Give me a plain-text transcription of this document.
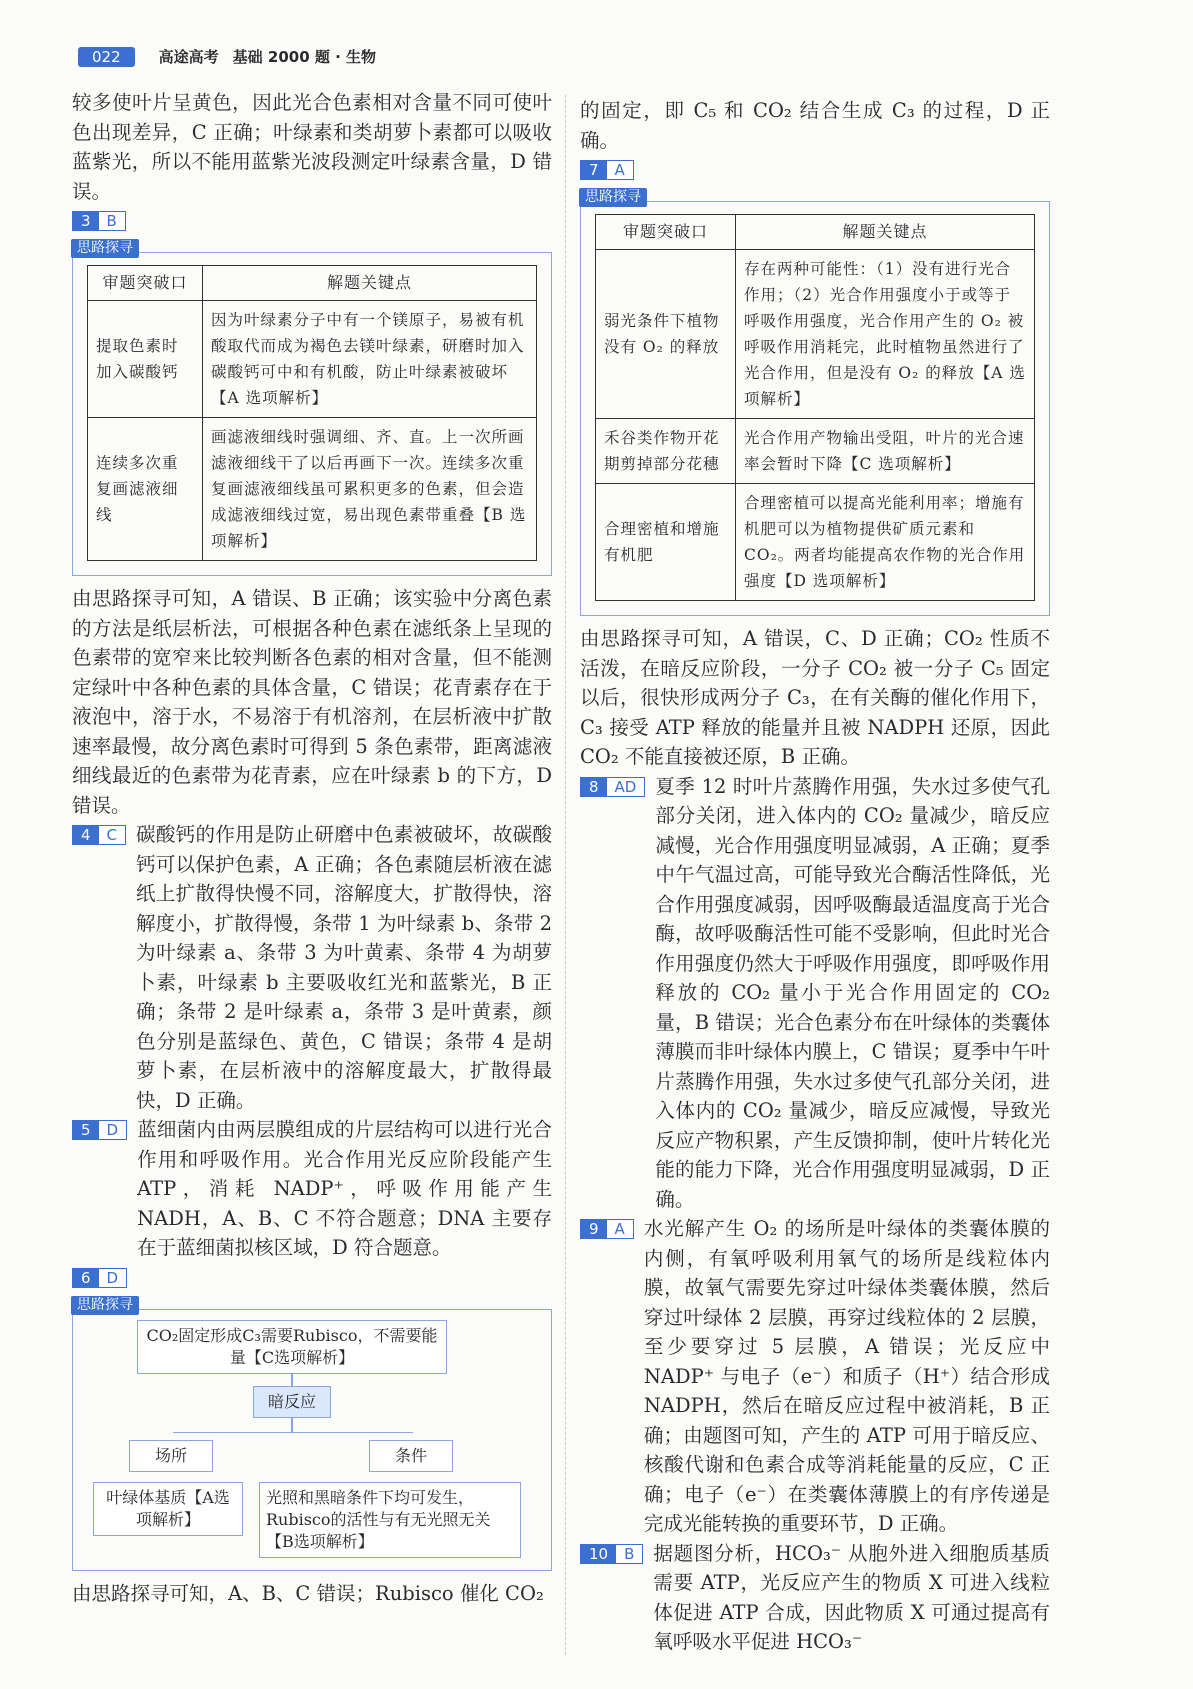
022	高途高考 基础 2000 题 · 生物
较多使叶片呈黄色，因此光合色素相对含量不同可使叶色出现差异，C 正确；叶绿素和类胡萝卜素都可以吸收蓝紫光，所以不能用蓝紫光波段测定叶绿素含量，D 错误。
3	B
思路探寻
审题突破口	解题关键点
提取色素时加入碳酸钙	因为叶绿素分子中有一个镁原子，易被有机酸取代而成为褐色去镁叶绿素，研磨时加入碳酸钙可中和有机酸，防止叶绿素被破坏【A 选项解析】
连续多次重复画滤液细线	画滤液细线时强调细、齐、直。上一次所画滤液细线干了以后再画下一次。连续多次重复画滤液细线虽可累积更多的色素，但会造成滤液细线过宽，易出现色素带重叠【B 选项解析】
由思路探寻可知，A 错误、B 正确；该实验中分离色素的方法是纸层析法，可根据各种色素在滤纸条上呈现的色素带的宽窄来比较判断各色素的相对含量，但不能测定绿叶中各种色素的具体含量，C 错误；花青素存在于液泡中，溶于水，不易溶于有机溶剂，在层析液中扩散速率最慢，故分离色素时可得到 5 条色素带，距离滤液细线最近的色素带为花青素，应在叶绿素 b 的下方，D 错误。
4	C 碳酸钙的作用是防止研磨中色素被破坏，故碳酸钙可以保护色素，A 正确；各色素随层析液在滤纸上扩散得快慢不同，溶解度大，扩散得快，溶解度小，扩散得慢，条带 1 为叶绿素 b、条带 2 为叶绿素 a、条带 3 为叶黄素、条带 4 为胡萝卜素，叶绿素 b 主要吸收红光和蓝紫光，B 正确；条带 2 是叶绿素 a，条带 3 是叶黄素，颜色分别是蓝绿色、黄色，C 错误；条带 4 是胡萝卜素，在层析液中的溶解度最大，扩散得最快，D 正确。
5	D 蓝细菌内由两层膜组成的片层结构可以进行光合作用和呼吸作用。光合作用光反应阶段能产生 ATP，消耗 NADP⁺，呼吸作用能产生 NADH，A、B、C 不符合题意；DNA 主要存在于蓝细菌拟核区域，D 符合题意。
6	D
思路探寻
CO₂固定形成C₃需要Rubisco，不需要能量【C选项解析】
暗反应
场所	条件
叶绿体基质【A选项解析】
光照和黑暗条件下均可发生，Rubisco的活性与有无光照无关【B选项解析】
由思路探寻可知，A、B、C 错误；Rubisco 催化 CO₂
的固定，即 C₅ 和 CO₂ 结合生成 C₃ 的过程，D 正确。
7	A
思路探寻
审题突破口	解题关键点
弱光条件下植物没有 O₂ 的释放	存在两种可能性：（1）没有进行光合作用；（2）光合作用强度小于或等于呼吸作用强度，光合作用产生的 O₂ 被呼吸作用消耗完，此时植物虽然进行了光合作用，但是没有 O₂ 的释放【A 选项解析】
禾谷类作物开花期剪掉部分花穗	光合作用产物输出受阻，叶片的光合速率会暂时下降【C 选项解析】
合理密植和增施有机肥	合理密植可以提高光能利用率；增施有机肥可以为植物提供矿质元素和 CO₂。两者均能提高农作物的光合作用强度【D 选项解析】
由思路探寻可知，A 错误，C、D 正确；CO₂ 性质不活泼，在暗反应阶段，一分子 CO₂ 被一分子 C₅ 固定以后，很快形成两分子 C₃，在有关酶的催化作用下，C₃ 接受 ATP 释放的能量并且被 NADPH 还原，因此 CO₂ 不能直接被还原，B 正确。
8	AD 夏季 12 时叶片蒸腾作用强，失水过多使气孔部分关闭，进入体内的 CO₂ 量减少，暗反应减慢，光合作用强度明显减弱，A 正确；夏季中午气温过高，可能导致光合酶活性降低，光合作用强度减弱，因呼吸酶最适温度高于光合酶，故呼吸酶活性可能不受影响，但此时光合作用强度仍然大于呼吸作用强度，即呼吸作用释放的 CO₂ 量小于光合作用固定的 CO₂ 量，B 错误；光合色素分布在叶绿体的类囊体薄膜而非叶绿体内膜上，C 错误；夏季中午叶片蒸腾作用强，失水过多使气孔部分关闭，进入体内的 CO₂ 量减少，暗反应减慢，导致光反应产物积累，产生反馈抑制，使叶片转化光能的能力下降，光合作用强度明显减弱，D 正确。
9	A 水光解产生 O₂ 的场所是叶绿体的类囊体膜的内侧，有氧呼吸利用氧气的场所是线粒体内膜，故氧气需要先穿过叶绿体类囊体膜，然后穿过叶绿体 2 层膜，再穿过线粒体的 2 层膜，至少要穿过 5 层膜，A 错误；光反应中 NADP⁺ 与电子（e⁻）和质子（H⁺）结合形成 NADPH，然后在暗反应过程中被消耗，B 正确；由题图可知，产生的 ATP 可用于暗反应、核酸代谢和色素合成等消耗能量的反应，C 正确；电子（e⁻）在类囊体薄膜上的有序传递是完成光能转换的重要环节，D 正确。
10	B 据题图分析，HCO₃⁻ 从胞外进入细胞质基质需要 ATP，光反应产生的物质 X 可进入线粒体促进 ATP 合成，因此物质 X 可通过提高有氧呼吸水平促进 HCO₃⁻
